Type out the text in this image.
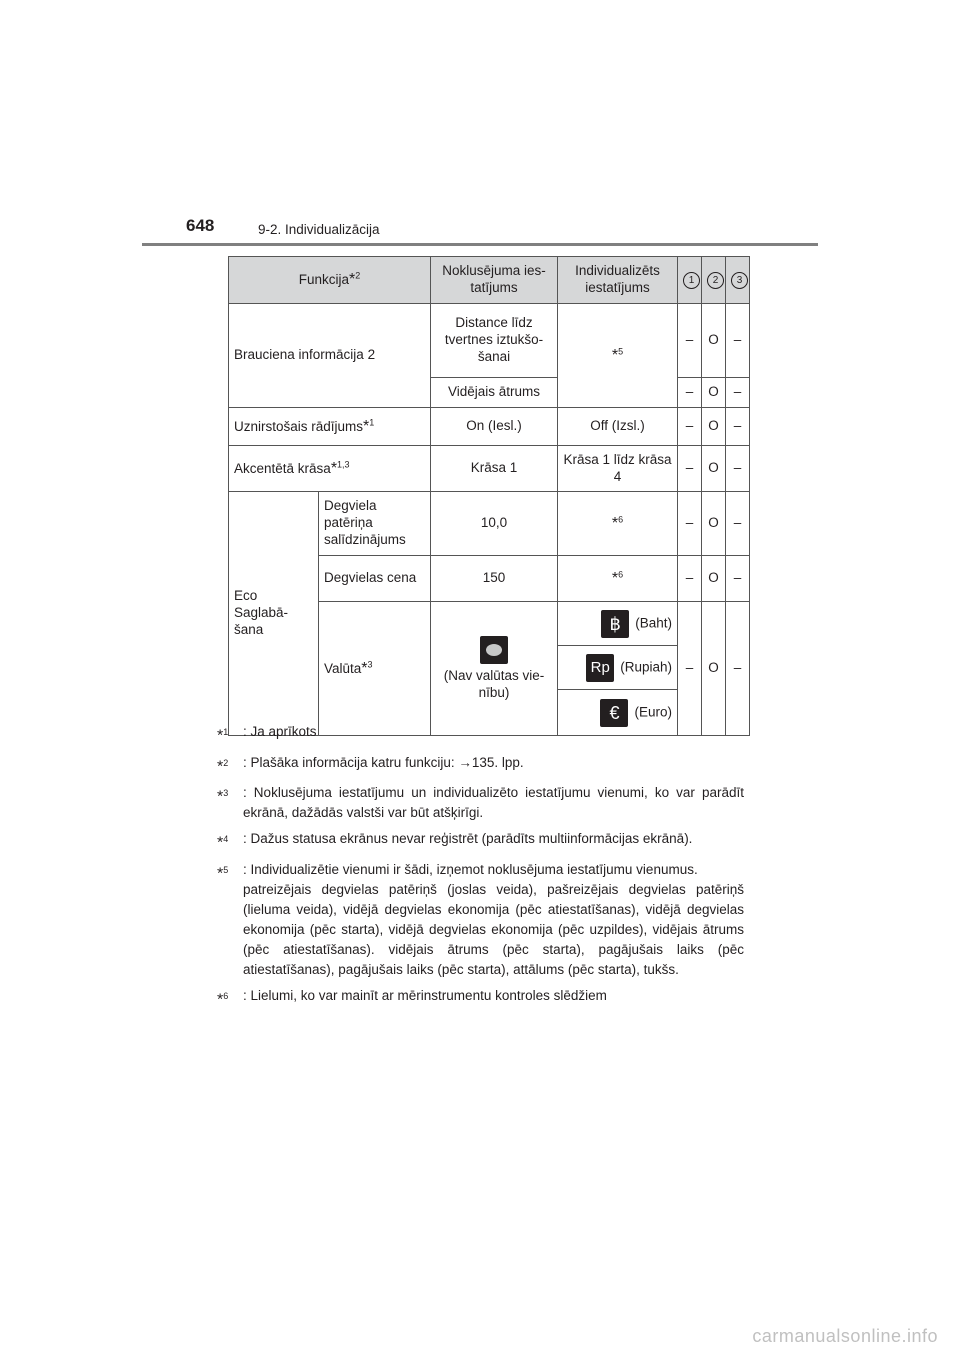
648	9-2. Individualizācija
Funkcija*$^2$		Noklusējuma ies-tatījums	Individualizēts iestatījums	1	2	3
Brauciena informācija 2		Distance līdz tvertnes iztukšo-šanai	*$^5$	–	O	–
		Vidējais ātrums		–	O	–
Uznirstošais rādījums*$^1$		On (Iesl.)	Off (Izsl.)	–	O	–
Akcentētā krāsa*$^{1,3}$		Krāsa 1	Krāsa 1 līdz krāsa 4	–	O	–
Eco Saglabā-šana	Degviela patēriņa salīdzinājums	10,0	*$^6$	–	O	–
	Degvielas cena	150	*$^6$	–	O	–
	Valūta*$^3$	(Nav valūtas vie-nību)	฿ (Baht)	–	O	–
			Rp (Rupiah)			
			€ (Euro)			
*$^1$	: Ja aprīkots
*$^2$	: Plašāka informācija katru funkciju: →135. lpp.
*$^3$	: Noklusējuma iestatījumu un individualizēto iestatījumu vienumi, ko var parādīt ekrānā, dažādās valstši var būt atšķirīgi.
*$^4$	: Dažus statusa ekrānus nevar reģistrēt (parādīts multiinformācijas ekrānā).
*$^5$	: Individualizētie vienumi ir šādi, izņemot noklusējuma iestatījumu vienumus.

patreizējais degvielas patēriņš (joslas veida), pašreizējais degvielas patēriņš (lieluma veida), vidējā degvielas ekonomija (pēc atiestatīšanas), vidējā degvielas ekonomija (pēc starta), vidējā degvielas ekonomija (pēc uzpildes), vidējais ātrums (pēc atiestatīšanas). vidējais ātrums (pēc starta), pagājušais laiks (pēc atiestatīšanas), pagājušais laiks (pēc starta), attālums (pēc starta), tukšs.

*$^6$	: Lielumi, ko var mainīt ar mērinstrumentu kontroles slēdžiem
carmanualsonline.info
